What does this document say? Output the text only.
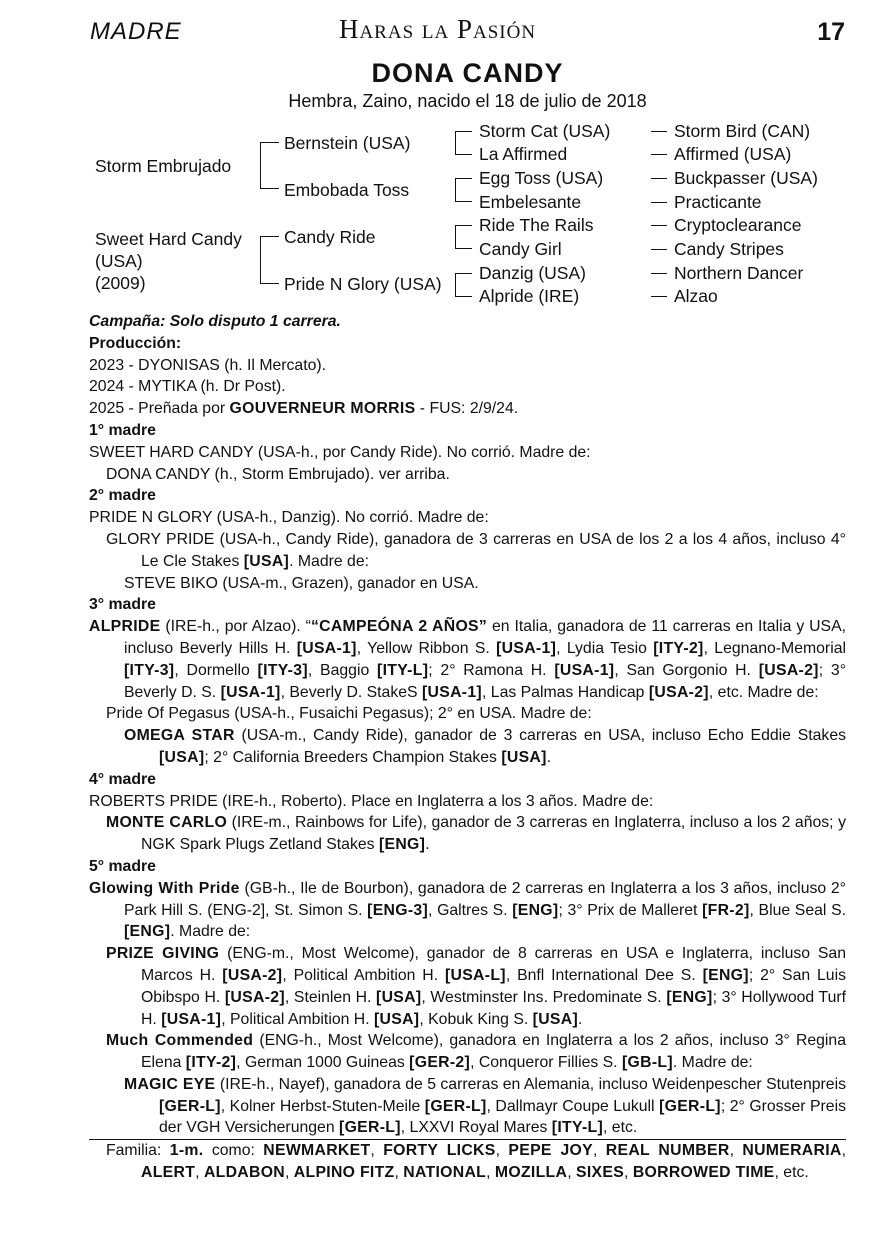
MADRE	Haras la Pasión	17
DONA CANDY
Hembra, Zaino, nacido el 18 de julio de 2018
Storm Embrujado
Sweet Hard Candy
(USA)
(2009)
Bernstein (USA)
Embobada Toss
Candy Ride
Pride N Glory (USA)
Storm Cat (USA)
La Affirmed
Egg Toss (USA)
Embelesante
Ride The Rails
Candy Girl
Danzig (USA)
Alpride (IRE)
Storm Bird (CAN)
Affirmed (USA)
Buckpasser (USA)
Practicante
Cryptoclearance
Candy Stripes
Northern Dancer
Alzao

Campaña: Solo disputo 1 carrera.

Producción:

2023 - DYONISAS (h. Il Mercato).

2024 - MYTIKA (h. Dr Post).

2025 - Preñada por GOUVERNEUR MORRIS - FUS: 2/9/24.

1° madre

SWEET HARD CANDY (USA-h., por Candy Ride). No corrió. Madre de:

DONA CANDY (h., Storm Embrujado). ver arriba.

2° madre

PRIDE N GLORY (USA-h., Danzig). No corrió. Madre de:

GLORY PRIDE (USA-h., Candy Ride), ganadora de 3 carreras en USA de los 2 a los 4 años, incluso 4° Le Cle Stakes [USA]. Madre de:

STEVE BIKO (USA-m., Grazen), ganador en USA.

3° madre

ALPRIDE (IRE-h., por Alzao). ““CAMPEÓNA 2 AÑOS” en Italia, ganadora de 11 carreras en Italia y USA, incluso Beverly Hills H. [USA-1], Yellow Ribbon S. [USA-1], Lydia Tesio [ITY-2], Legnano-Memorial [ITY-3], Dormello [ITY-3], Baggio [ITY-L]; 2° Ramona H. [USA-1], San Gorgonio H. [USA-2]; 3° Beverly D. S. [USA-1], Beverly D. StakeS [USA-1], Las Palmas Handicap [USA-2], etc. Madre de:

Pride Of Pegasus (USA-h., Fusaichi Pegasus); 2° en USA. Madre de:

OMEGA STAR (USA-m., Candy Ride), ganador de 3 carreras en USA, incluso Echo Eddie Stakes [USA]; 2° California Breeders Champion Stakes [USA].

4° madre

ROBERTS PRIDE (IRE-h., Roberto). Place en Inglaterra a los 3 años. Madre de:

MONTE CARLO (IRE-m., Rainbows for Life), ganador de 3 carreras en Inglaterra, incluso a los 2 años; y NGK Spark Plugs Zetland Stakes [ENG].

5° madre

Glowing With Pride (GB-h., Ile de Bourbon), ganadora de 2 carreras en Inglaterra a los 3 años, incluso 2° Park Hill S. (ENG-2], St. Simon S. [ENG-3], Galtres S. [ENG]; 3° Prix de Malleret [FR-2], Blue Seal S. [ENG]. Madre de:

PRIZE GIVING (ENG-m., Most Welcome), ganador de 8 carreras en USA e Inglaterra, incluso San Marcos H. [USA-2], Political Ambition H. [USA-L], Bnfl International Dee S. [ENG]; 2° San Luis Obibspo H. [USA-2], Steinlen H. [USA], Westminster Ins. Predominate S. [ENG]; 3° Hollywood Turf H. [USA-1], Political Ambition H. [USA], Kobuk King S. [USA].

Much Commended (ENG-h., Most Welcome), ganadora en Inglaterra a los 2 años, incluso 3° Regina Elena [ITY-2], German 1000 Guineas [GER-2], Conqueror Fillies S. [GB-L]. Madre de:

MAGIC EYE (IRE-h., Nayef), ganadora de 5 carreras en Alemania, incluso Weidenpescher Stutenpreis [GER-L], Kolner Herbst-Stuten-Meile [GER-L], Dallmayr Coupe Lukull [GER-L]; 2° Grosser Preis der VGH Versicherungen [GER-L], LXXVI Royal Mares [ITY-L], etc.

Familia: 1-m. como: NEWMARKET, FORTY LICKS, PEPE JOY, REAL NUMBER, NUMERARIA, ALERT, ALDABON, ALPINO FITZ, NATIONAL, MOZILLA, SIXES, BORROWED TIME, etc.
